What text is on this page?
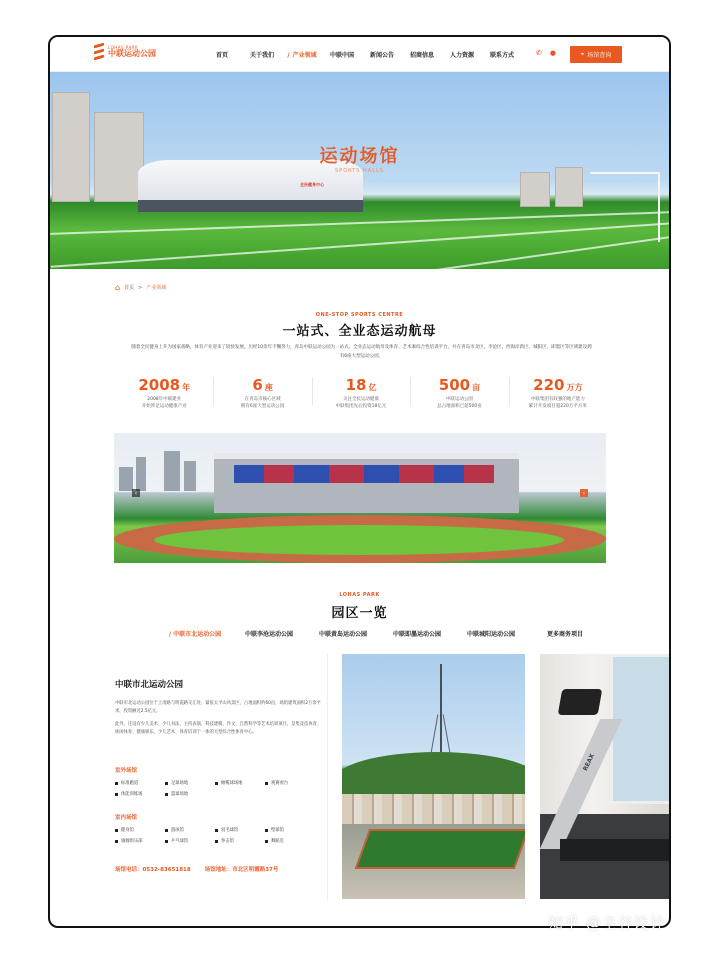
LOHAS PARK
中联运动公园	首页	关于我们
/	产业领域	中联中国	新闻公告	招商信息	人力资源	联系方式	✆ ●	⌖ 场馆查询
全民健身中心
运动场馆
SPORTS HALLS
⌂ 首页 > 产业领域
ONE-STOP SPORTS CENTRE
一站式、全业态运动航母
随着全民健身上升为国家战略，体育产业迎来了较快发展。历经10余年不懈努力，青岛中联运动公园为一站式、全业态运动航母及体育、艺术素综合性培训平台，并在青岛市北区、李沧区、西海岸新区、城阳区、即墨区等区域建设拥有6座大型运动公园。
2008 年
2008年中联建业
开始涉足运动健康产业
6 座
在青岛市核心区域
拥有6座大型运动公园
18 亿
关注全民运动健康
中联集团先后投资18亿元
500 亩
中联运动公园
总占地面积已超500亩
220 万方
中联集团有较强的地产能力
累计开发项目超220万平方米
‹	›
LOHAS PARK
园区一览
/ 中联市北运动公园	中联李沧运动公园	中联黄岛运动公园	中联即墨运动公园	中联城阳运动公园	更多商务项目
中联市北运动公园

中联市北运动公园位于上清路与明霞路交汇处，紧依太平山风景区，占地面积约60亩，场馆建筑面积2万余平米，投资额近2.5亿元。

此外，还设有少儿美术、少儿书法、主持表演、科技建模、作文、自然科学等艺术培训项目，是集竞技体育、休闲体育、健康娱乐、少儿艺术、体育培训于一体的大型综合性体育中心。

室外场馆
标准跑道	足球场地	橄榄球场地	观赛看台
体能训练场	篮球场地
室内场馆
健身馆	游泳馆	羽毛球馆	壁球馆
瑜伽俱乐部	乒乓球馆	拳击馆	舞蹈室
场馆电话：0532-83651818	场馆地址：市北区明霞路37号
REAX
知乎 @圭谷设计
